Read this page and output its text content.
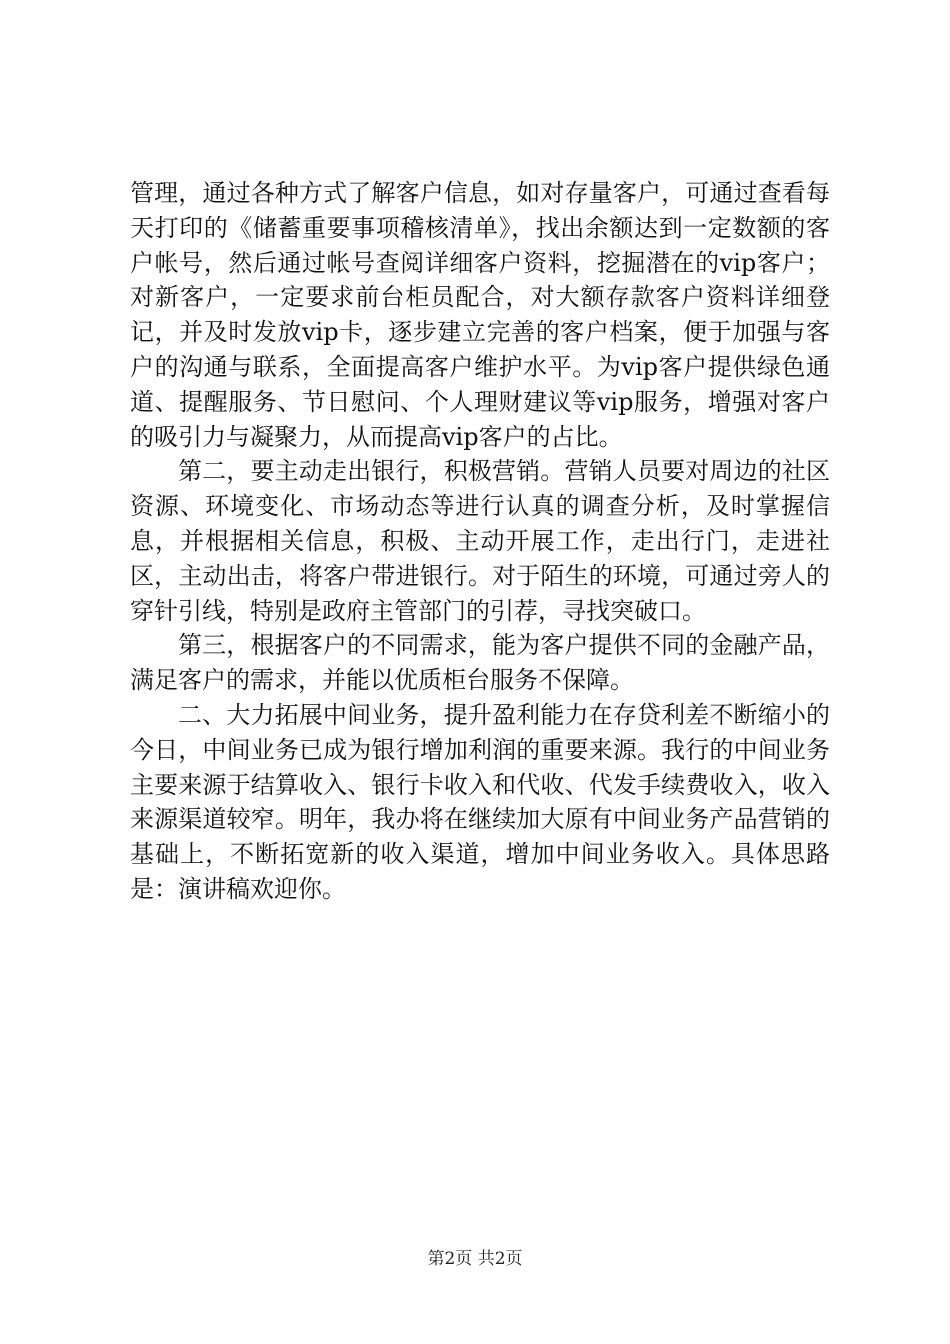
管理，通过各种方式了解客户信息，如对存量客户，可通过查看每天打印的《储蓄重要事项稽核清单》，找出余额达到一定数额的客户帐号，然后通过帐号查阅详细客户资料，挖掘潜在的vip客户；对新客户，一定要求前台柜员配合，对大额存款客户资料详细登记，并及时发放vip卡，逐步建立完善的客户档案，便于加强与客户的沟通与联系，全面提高客户维护水平。为vip客户提供绿色通道、提醒服务、节日慰问、个人理财建议等vip服务，增强对客户的吸引力与凝聚力，从而提高vip客户的占比。

第二，要主动走出银行，积极营销。营销人员要对周边的社区资源、环境变化、市场动态等进行认真的调查分析，及时掌握信息，并根据相关信息，积极、主动开展工作，走出行门，走进社区，主动出击，将客户带进银行。对于陌生的环境，可通过旁人的穿针引线，特别是政府主管部门的引荐，寻找突破口。

第三，根据客户的不同需求，能为客户提供不同的金融产品，满足客户的需求，并能以优质柜台服务不保障。

二、大力拓展中间业务，提升盈利能力在存贷利差不断缩小的今日，中间业务已成为银行增加利润的重要来源。我行的中间业务主要来源于结算收入、银行卡收入和代收、代发手续费收入，收入来源渠道较窄。明年，我办将在继续加大原有中间业务产品营销的基础上，不断拓宽新的收入渠道，增加中间业务收入。具体思路是：演讲稿欢迎你。

第2页 共2页
